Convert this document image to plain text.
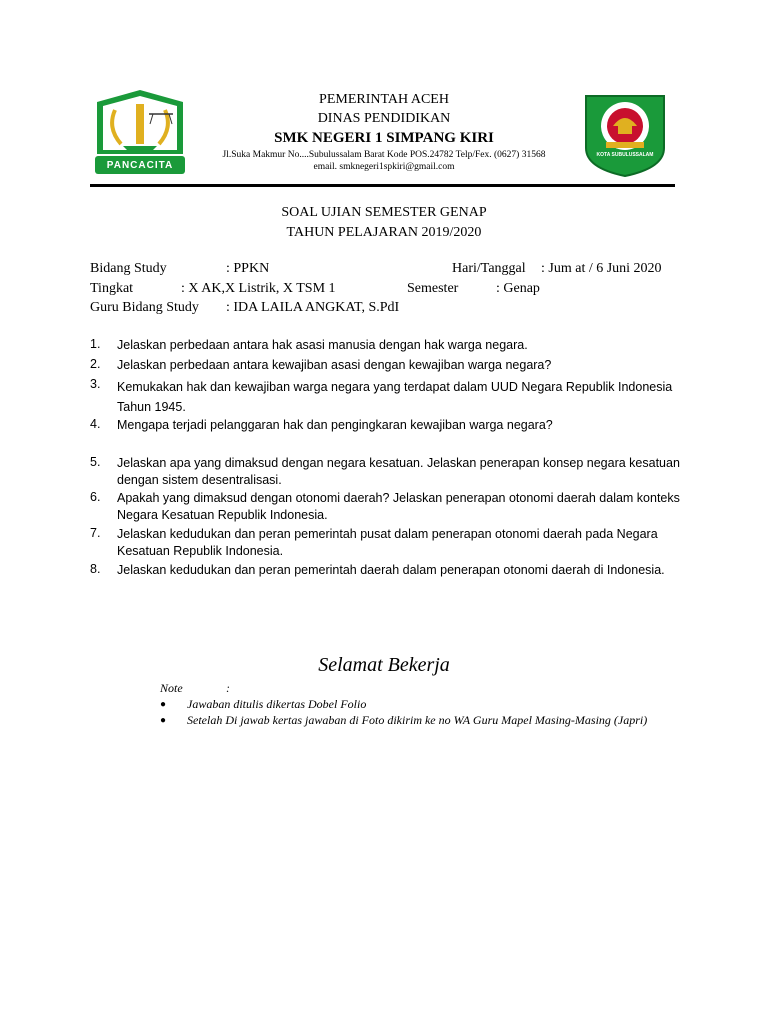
PANCACITA
PEMERINTAH ACEH
DINAS PENDIDIKAN
SMK NEGERI 1 SIMPANG KIRI
Jl.Suka Makmur No....Subulussalam Barat Kode POS.24782 Telp/Fex. (0627) 31568
email. smknegeri1spkiri@gmail.com
KOTA SUBULUSSALAM
SOAL UJIAN SEMESTER GENAP
TAHUN PELAJARAN 2019/2020
Bidang Study	: PPKN	Hari/Tanggal : Jum at / 6 Juni 2020
Tingkat	: X AK,X Listrik, X TSM 1	Semester	: Genap
Guru Bidang Study : IDA LAILA ANGKAT, S.PdI
1.	Jelaskan perbedaan antara hak asasi manusia dengan hak warga negara.
2.	Jelaskan perbedaan antara kewajiban asasi dengan kewajiban warga negara?
3.	Kemukakan hak dan kewajiban warga negara yang terdapat dalam UUD Negara Republik Indonesia Tahun 1945.
4.	Mengapa terjadi pelanggaran hak dan pengingkaran kewajiban warga negara?
5.	Jelaskan apa yang dimaksud dengan negara kesatuan. Jelaskan penerapan konsep negara kesatuan dengan sistem desentralisasi.
6.	Apakah yang dimaksud dengan otonomi daerah? Jelaskan penerapan otonomi daerah dalam konteks Negara Kesatuan Republik Indonesia.
7.	Jelaskan kedudukan dan peran pemerintah pusat dalam penerapan otonomi daerah pada Negara Kesatuan Republik Indonesia.
8.	Jelaskan kedudukan dan peran pemerintah daerah dalam penerapan otonomi daerah di Indonesia.
Selamat Bekerja
Note	:
● Jawaban ditulis dikertas Dobel Folio
● Setelah Di jawab kertas jawaban di Foto dikirim ke no WA Guru Mapel Masing-Masing (Japri)
